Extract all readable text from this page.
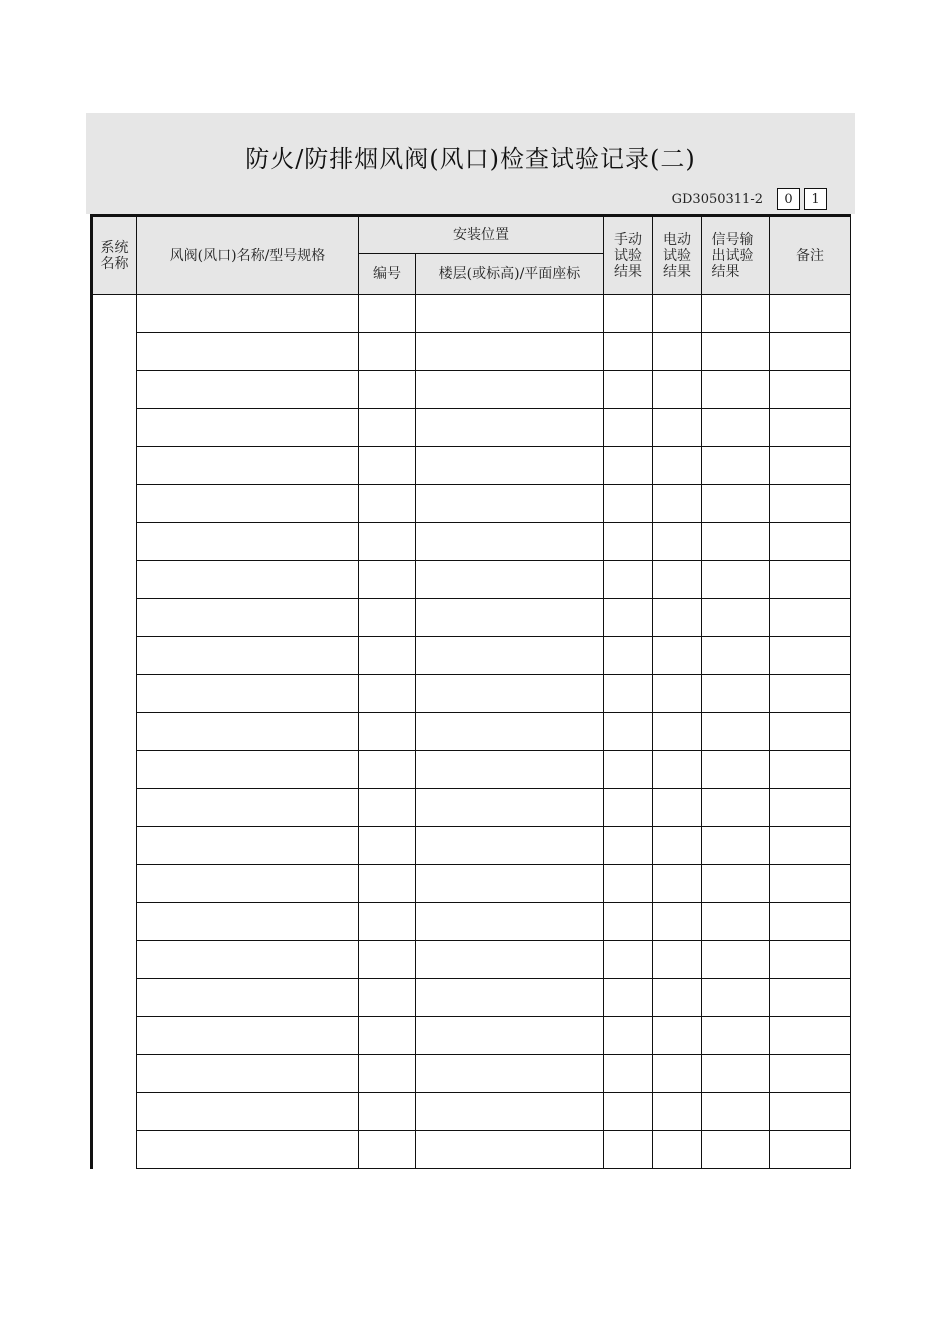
防火/防排烟风阀(风口)检查试验记录(二)
GD3050311-2	0	1
系统名称	风阀(风口)名称/型号规格	安装位置		手动试验结果	电动试验结果	信号输出试验结果	备注
		编号	楼层(或标高)/平面座标				
